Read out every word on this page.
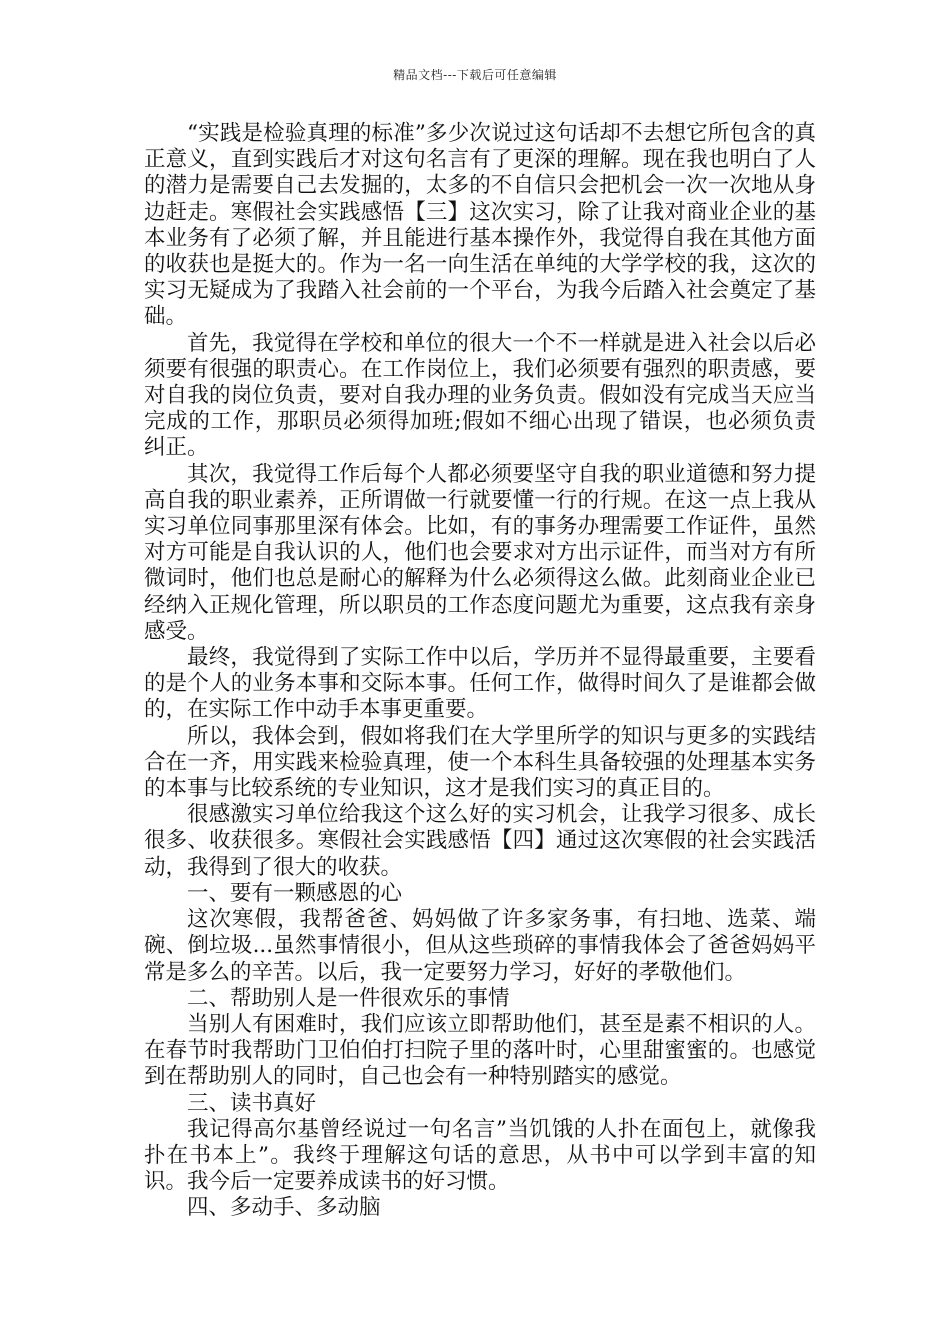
精品文档---下载后可任意编辑

“实践是检验真理的标准”多少次说过这句话却不去想它所包含的真正意义，直到实践后才对这句名言有了更深的理解。现在我也明白了人的潜力是需要自己去发掘的，太多的不自信只会把机会一次一次地从身边赶走。寒假社会实践感悟【三】这次实习，除了让我对商业企业的基本业务有了必须了解，并且能进行基本操作外，我觉得自我在其他方面的收获也是挺大的。作为一名一向生活在单纯的大学学校的我，这次的实习无疑成为了我踏入社会前的一个平台，为我今后踏入社会奠定了基础。

首先，我觉得在学校和单位的很大一个不一样就是进入社会以后必须要有很强的职责心。在工作岗位上，我们必须要有强烈的职责感，要对自我的岗位负责，要对自我办理的业务负责。假如没有完成当天应当完成的工作，那职员必须得加班;假如不细心出现了错误，也必须负责纠正。

其次，我觉得工作后每个人都必须要坚守自我的职业道德和努力提高自我的职业素养，正所谓做一行就要懂一行的行规。在这一点上我从实习单位同事那里深有体会。比如，有的事务办理需要工作证件，虽然对方可能是自我认识的人，他们也会要求对方出示证件，而当对方有所微词时，他们也总是耐心的解释为什么必须得这么做。此刻商业企业已经纳入正规化管理，所以职员的工作态度问题尤为重要，这点我有亲身感受。

最终，我觉得到了实际工作中以后，学历并不显得最重要，主要看的是个人的业务本事和交际本事。任何工作，做得时间久了是谁都会做的，在实际工作中动手本事更重要。

所以，我体会到，假如将我们在大学里所学的知识与更多的实践结合在一齐，用实践来检验真理，使一个本科生具备较强的处理基本实务的本事与比较系统的专业知识，这才是我们实习的真正目的。

很感激实习单位给我这个这么好的实习机会，让我学习很多、成长很多、收获很多。寒假社会实践感悟【四】通过这次寒假的社会实践活动，我得到了很大的收获。

一、要有一颗感恩的心

这次寒假，我帮爸爸、妈妈做了许多家务事，有扫地、选菜、端碗、倒垃圾...虽然事情很小，但从这些琐碎的事情我体会了爸爸妈妈平常是多么的辛苦。以后，我一定要努力学习，好好的孝敬他们。

二、帮助别人是一件很欢乐的事情

当别人有困难时，我们应该立即帮助他们，甚至是素不相识的人。在春节时我帮助门卫伯伯打扫院子里的落叶时，心里甜蜜蜜的。也感觉到在帮助别人的同时，自己也会有一种特别踏实的感觉。

三、读书真好

我记得高尔基曾经说过一句名言”当饥饿的人扑在面包上，就像我扑在书本上”。我终于理解这句话的意思，从书中可以学到丰富的知识。我今后一定要养成读书的好习惯。

四、多动手、多动脑
